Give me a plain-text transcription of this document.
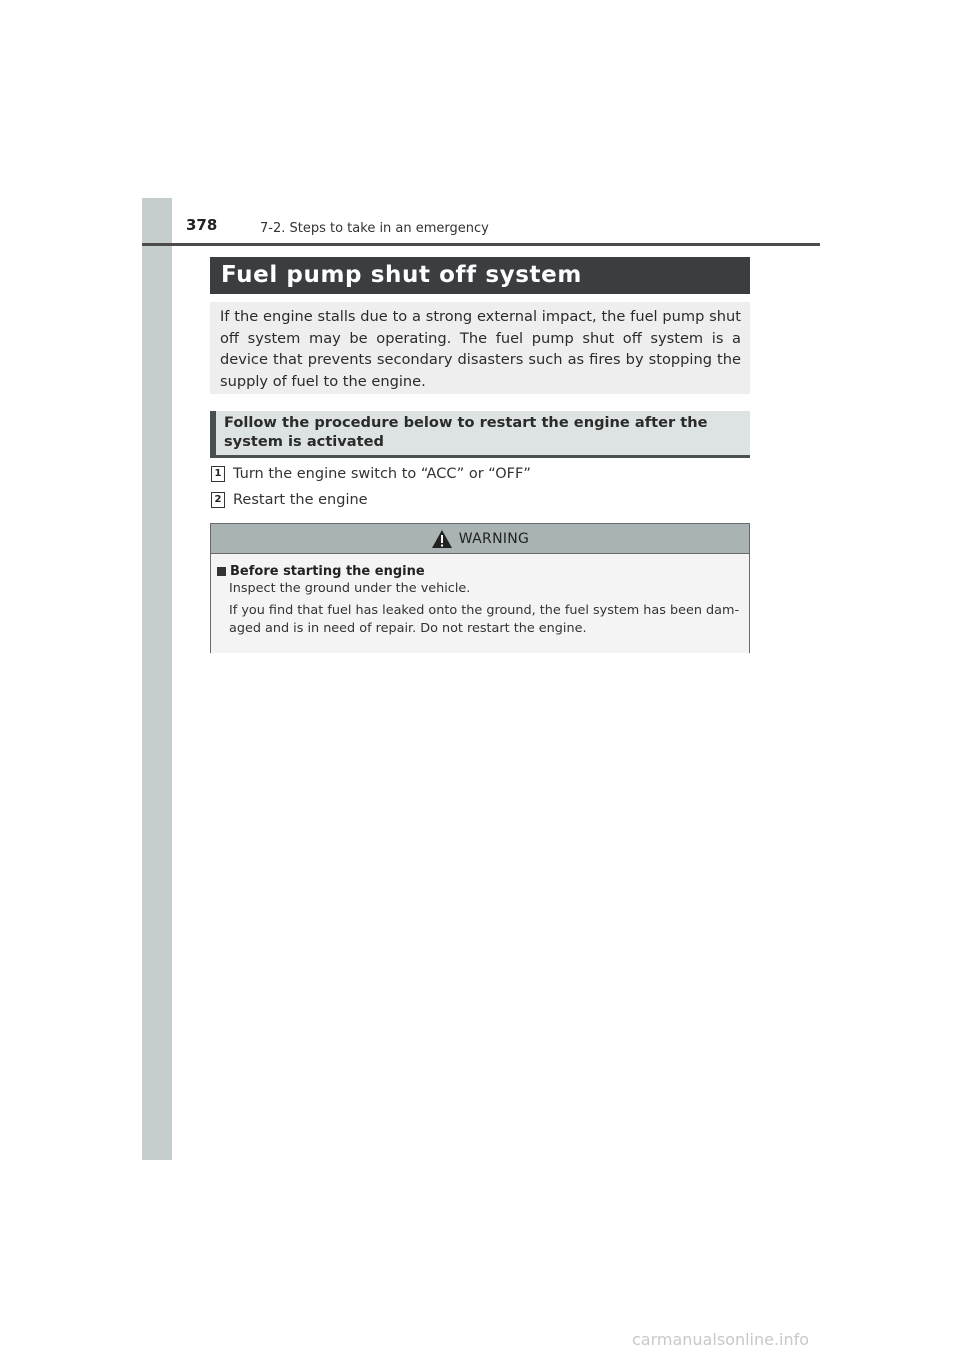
378	7-2. Steps to take in an emergency
Fuel pump shut off system

If the engine stalls due to a strong external impact, the fuel pump shut off system may be operating. The fuel pump shut off system is a device that prevents secondary disasters such as fires by stopping the supply of fuel to the engine.

Follow the procedure below to restart the engine after the system is activated

1 Turn the engine switch to “ACC” or “OFF”
2 Restart the engine
WARNING
Before starting the engine

Inspect the ground under the vehicle.

If you find that fuel has leaked onto the ground, the fuel system has been dam- aged and is in need of repair. Do not restart the engine.

carmanualsonline.info
